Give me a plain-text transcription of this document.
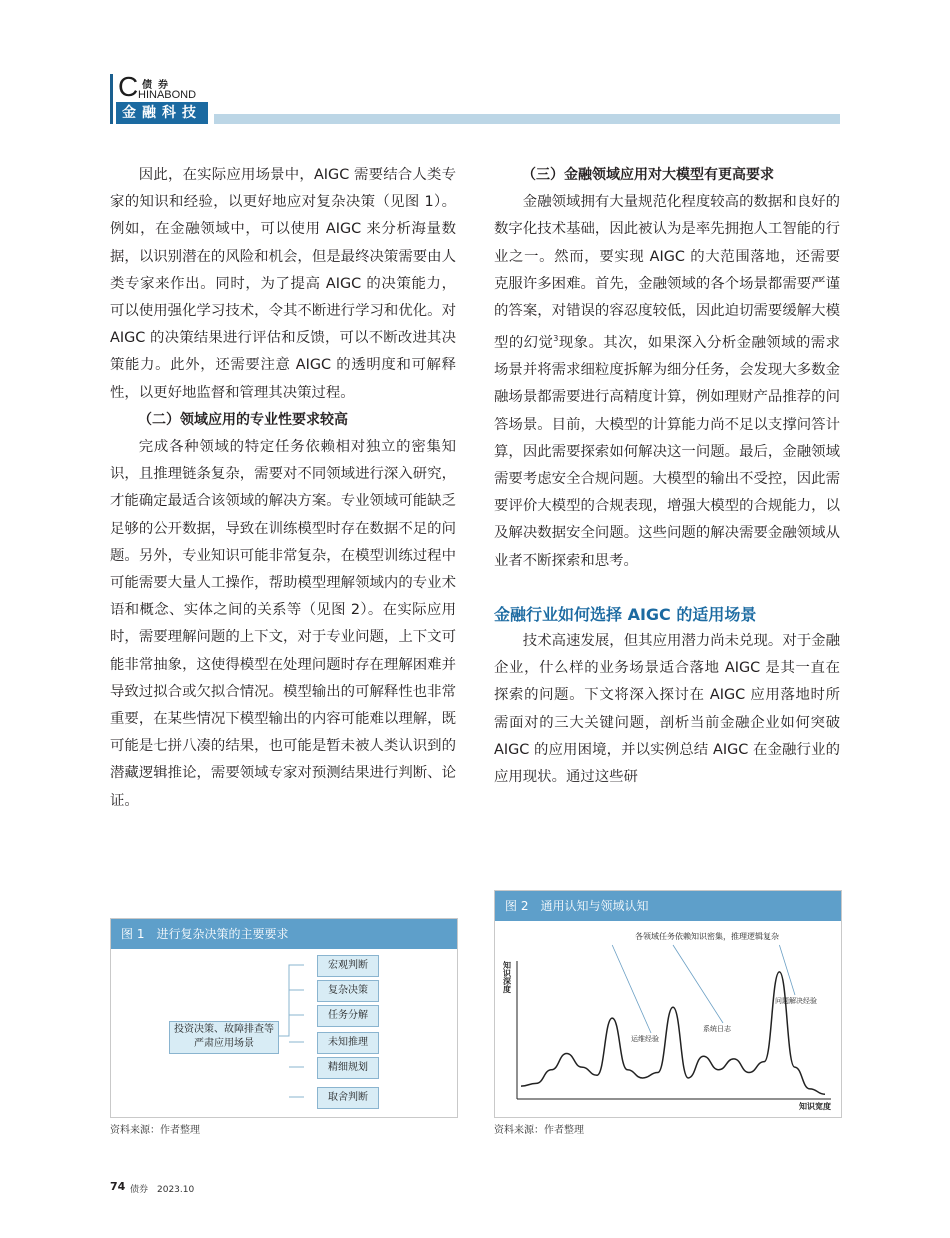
C 债券
HINABOND
金融科技

因此，在实际应用场景中，AIGC 需要结合人类专家的知识和经验，以更好地应对复杂决策（见图 1）。例如，在金融领域中，可以使用 AIGC 来分析海量数据，以识别潜在的风险和机会，但是最终决策需要由人类专家来作出。同时，为了提高 AIGC 的决策能力，可以使用强化学习技术，令其不断进行学习和优化。对 AIGC 的决策结果进行评估和反馈，可以不断改进其决策能力。此外，还需要注意 AIGC 的透明度和可解释性，以更好地监督和管理其决策过程。

（二）领域应用的专业性要求较高

完成各种领域的特定任务依赖相对独立的密集知识，且推理链条复杂，需要对不同领域进行深入研究，才能确定最适合该领域的解决方案。专业领域可能缺乏足够的公开数据，导致在训练模型时存在数据不足的问题。另外，专业知识可能非常复杂，在模型训练过程中可能需要大量人工操作，帮助模型理解领域内的专业术语和概念、实体之间的关系等（见图 2）。在实际应用时，需要理解问题的上下文，对于专业问题，上下文可能非常抽象，这使得模型在处理问题时存在理解困难并导致过拟合或欠拟合情况。模型输出的可解释性也非常重要，在某些情况下模型输出的内容可能难以理解，既可能是七拼八凑的结果，也可能是暂未被人类认识到的潜藏逻辑推论，需要领域专家对预测结果进行判断、论证。

（三）金融领域应用对大模型有更高要求

金融领域拥有大量规范化程度较高的数据和良好的数字化技术基础，因此被认为是率先拥抱人工智能的行业之一。然而，要实现 AIGC 的大范围落地，还需要克服许多困难。首先，金融领域的各个场景都需要严谨的答案，对错误的容忍度较低，因此迫切需要缓解大模型的幻觉$^3$现象。其次，如果深入分析金融领域的需求场景并将需求细粒度拆解为细分任务，会发现大多数金融场景都需要进行高精度计算，例如理财产品推荐的问答场景。目前，大模型的计算能力尚不足以支撑问答计算，因此需要探索如何解决这一问题。最后，金融领域需要考虑安全合规问题。大模型的输出不受控，因此需要评价大模型的合规表现，增强大模型的合规能力，以及解决数据安全问题。这些问题的解决需要金融领域从业者不断探索和思考。

金融行业如何选择 AIGC 的适用场景

技术高速发展，但其应用潜力尚未兑现。对于金融企业，什么样的业务场景适合落地 AIGC 是其一直在探索的问题。下文将深入探讨在 AIGC 应用落地时所需面对的三大关键问题，剖析当前金融企业如何突破 AIGC 的应用困境，并以实例总结 AIGC 在金融行业的应用现状。通过这些研

图 1　进行复杂决策的主要要求
投资决策、故障排查等严肃应用场景
宏观判断
复杂决策
任务分解
未知推理
精细规划
取舍判断
资料来源：作者整理
图 2　通用认知与领域认知
各领域任务依赖知识密集，推理逻辑复杂
知识深度
知识宽度
运维经验
系统日志
问题解决经验
资料来源：作者整理
74 债券　2023.10
